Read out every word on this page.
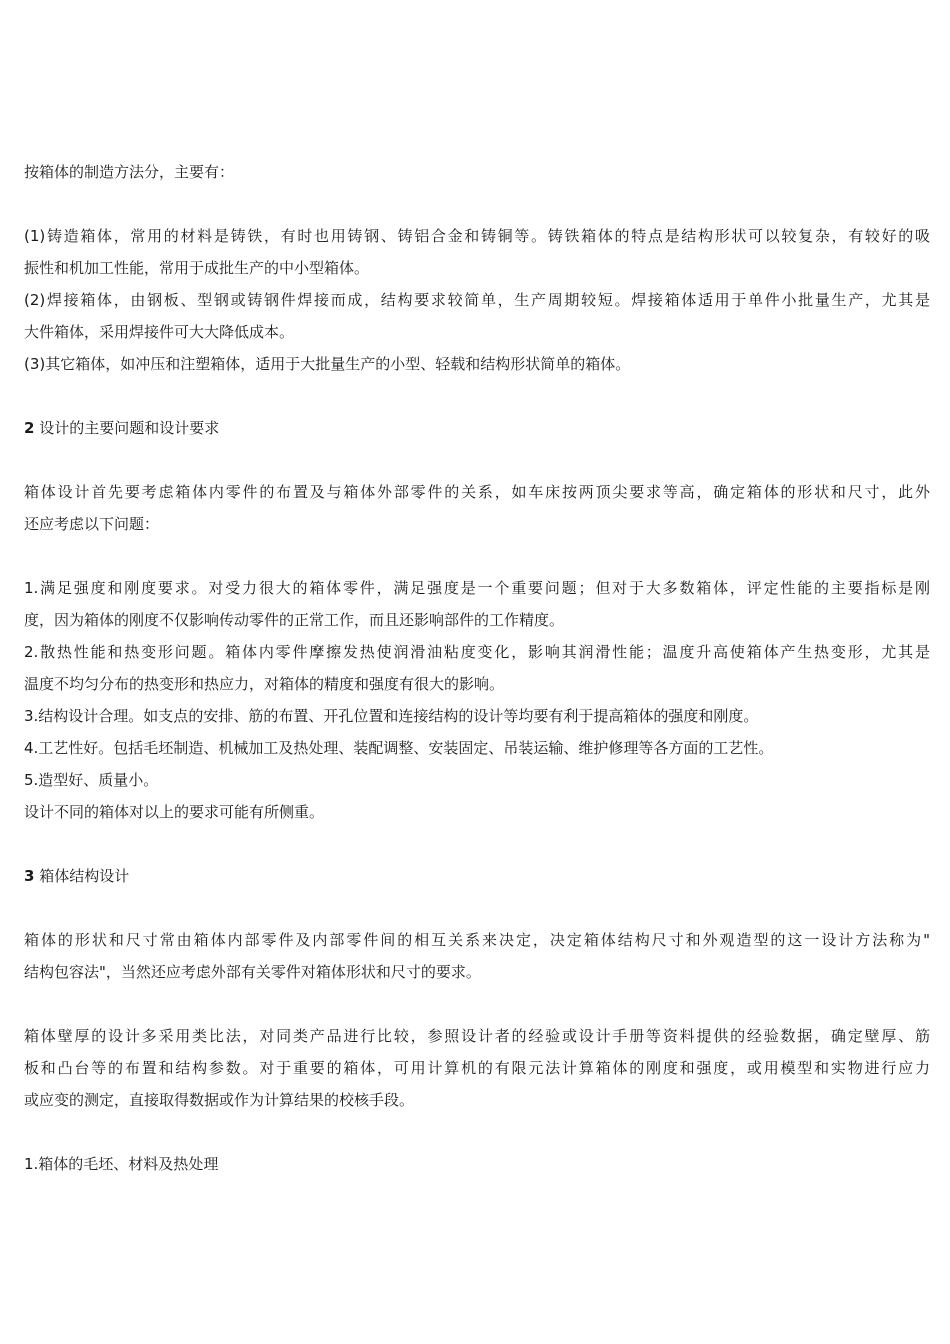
按箱体的制造方法分，主要有：
(1)铸造箱体，常用的材料是铸铁，有时也用铸钢、铸铝合金和铸铜等。铸铁箱体的特点是结构形状可以较复杂，有较好的吸
振性和机加工性能，常用于成批生产的中小型箱体。
(2)焊接箱体，由钢板、型钢或铸钢件焊接而成，结构要求较简单，生产周期较短。焊接箱体适用于单件小批量生产，尤其是
大件箱体，采用焊接件可大大降低成本。
(3)其它箱体，如冲压和注塑箱体，适用于大批量生产的小型、轻载和结构形状简单的箱体。
2 设计的主要问题和设计要求
箱体设计首先要考虑箱体内零件的布置及与箱体外部零件的关系，如车床按两顶尖要求等高，确定箱体的形状和尺寸，此外
还应考虑以下问题：
1.满足强度和刚度要求。对受力很大的箱体零件，满足强度是一个重要问题；但对于大多数箱体，评定性能的主要指标是刚
度，因为箱体的刚度不仅影响传动零件的正常工作，而且还影响部件的工作精度。
2.散热性能和热变形问题。箱体内零件摩擦发热使润滑油粘度变化，影响其润滑性能；温度升高使箱体产生热变形，尤其是
温度不均匀分布的热变形和热应力，对箱体的精度和强度有很大的影响。
3.结构设计合理。如支点的安排、筋的布置、开孔位置和连接结构的设计等均要有利于提高箱体的强度和刚度。
4.工艺性好。包括毛坯制造、机械加工及热处理、装配调整、安装固定、吊装运输、维护修理等各方面的工艺性。
5.造型好、质量小。
设计不同的箱体对以上的要求可能有所侧重。
3 箱体结构设计
箱体的形状和尺寸常由箱体内部零件及内部零件间的相互关系来决定，决定箱体结构尺寸和外观造型的这一设计方法称为"
结构包容法"，当然还应考虑外部有关零件对箱体形状和尺寸的要求。
箱体壁厚的设计多采用类比法，对同类产品进行比较，参照设计者的经验或设计手册等资料提供的经验数据，确定壁厚、筋
板和凸台等的布置和结构参数。对于重要的箱体，可用计算机的有限元法计算箱体的刚度和强度，或用模型和实物进行应力
或应变的测定，直接取得数据或作为计算结果的校核手段。
1.箱体的毛坯、材料及热处理
